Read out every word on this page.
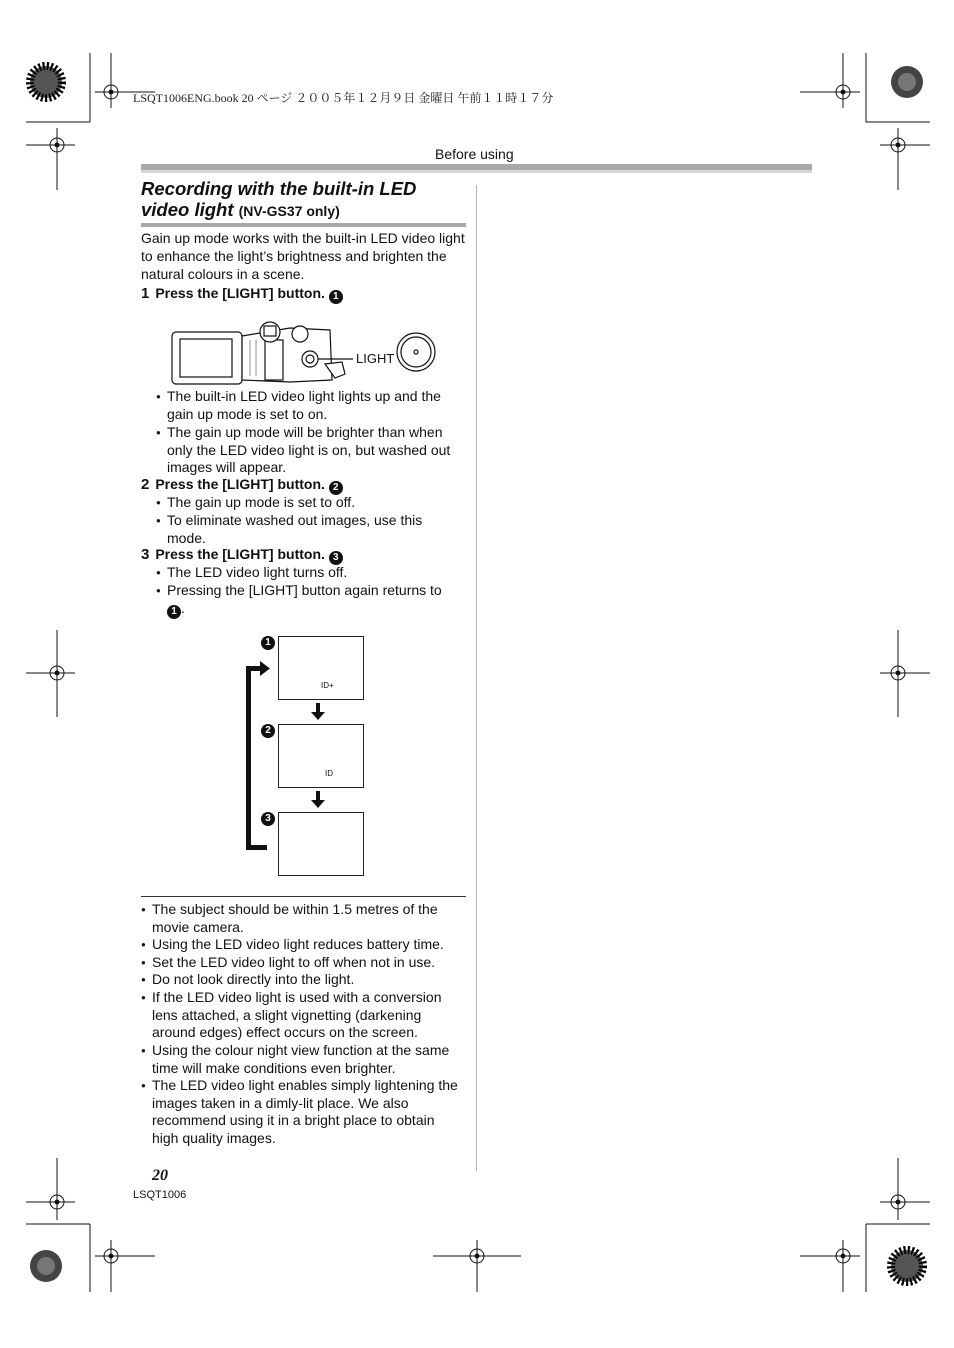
LSQT1006ENG.book 20 ページ ２００５年１２月９日 金曜日 午前１１時１７分
Before using
Recording with the built-in LED video light (NV-GS37 only)
Gain up mode works with the built-in LED video light to enhance the light’s brightness and brighten the natural colours in a scene.
1 Press the [LIGHT] button. 1
LIGHT
● The built-in LED video light lights up and the gain up mode is set to on.
● The gain up mode will be brighter than when only the LED video light is on, but washed out images will appear.
2 Press the [LIGHT] button. 2
● The gain up mode is set to off.
● To eliminate washed out images, use this mode.
3 Press the [LIGHT] button. 3
● The LED video light turns off.
● Pressing the [LIGHT] button again returns to
1 .
1
ID+
2
ID
3
● The subject should be within 1.5 metres of the movie camera.
● Using the LED video light reduces battery time.
● Set the LED video light to off when not in use.
● Do not look directly into the light.
● If the LED video light is used with a conversion lens attached, a slight vignetting (darkening around edges) effect occurs on the screen.
● Using the colour night view function at the same time will make conditions even brighter.
● The LED video light enables simply lightening the images taken in a dimly-lit place. We also recommend using it in a bright place to obtain high quality images.
20
LSQT1006
